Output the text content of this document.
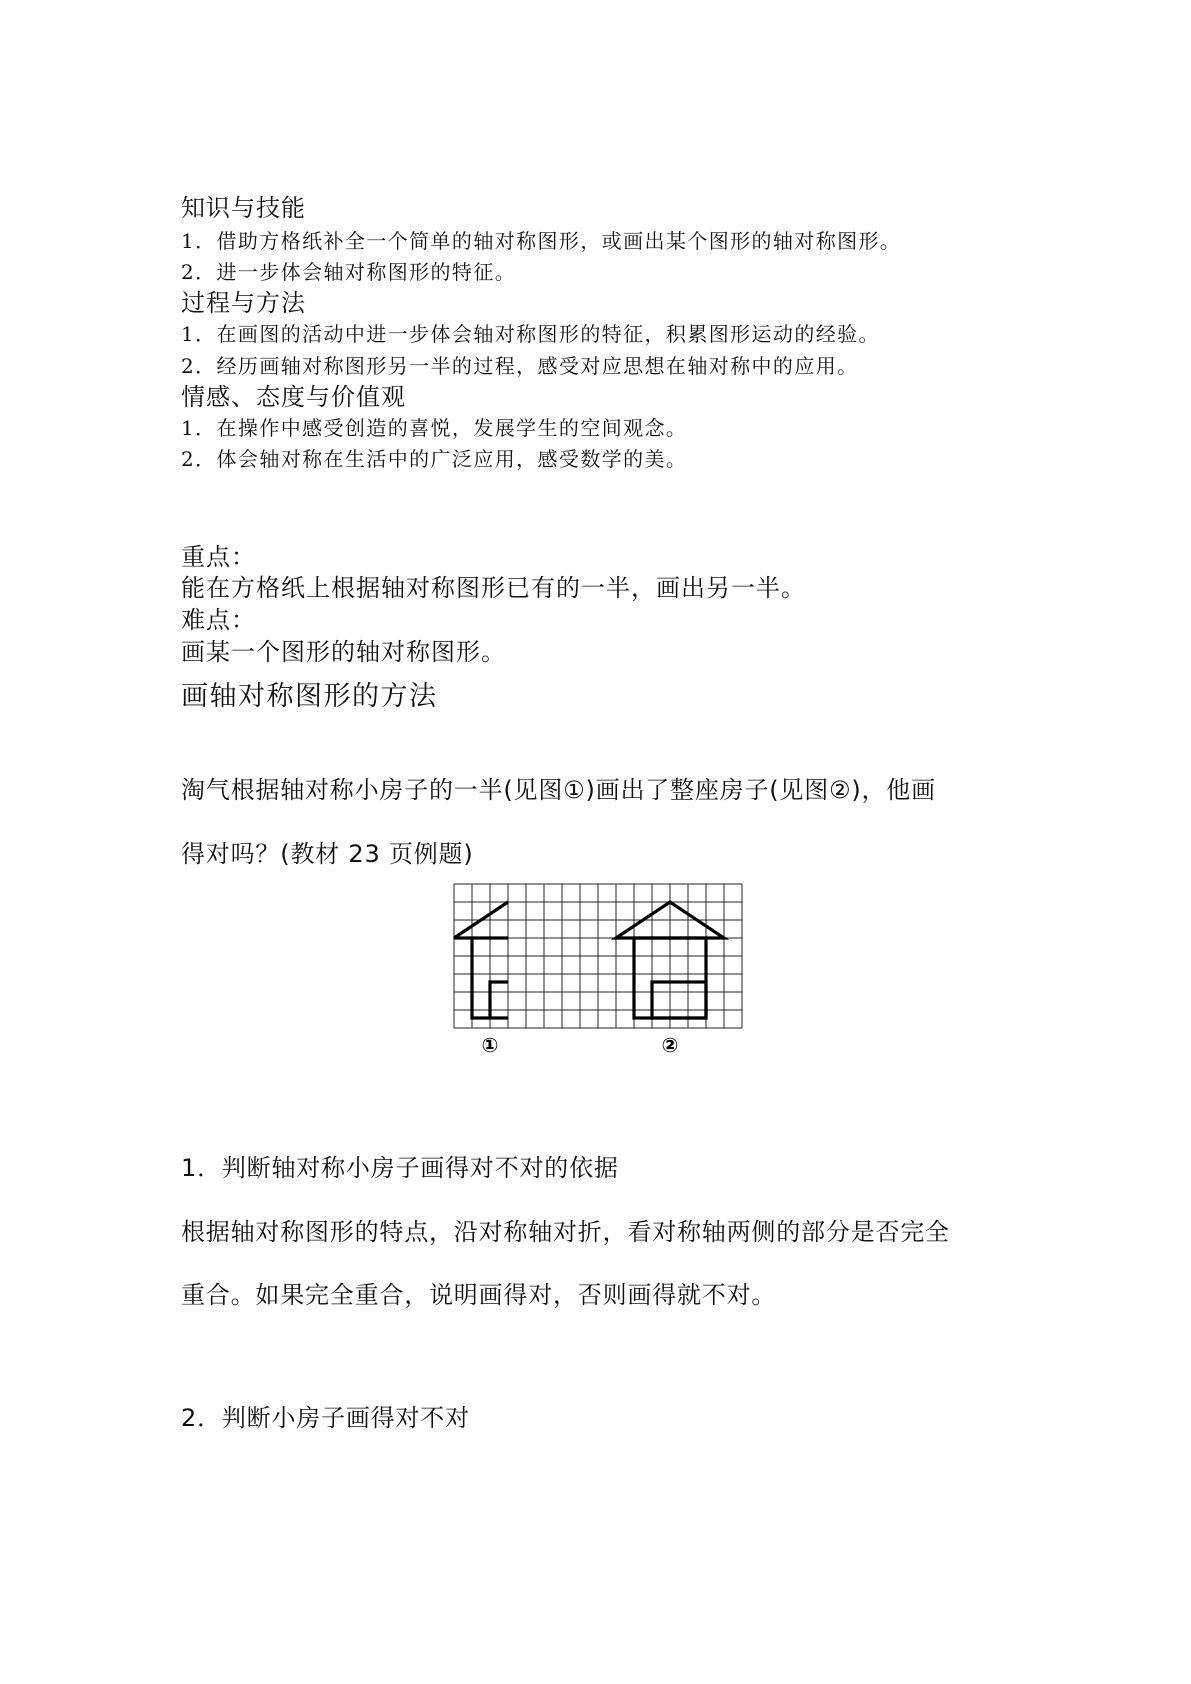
知识与技能
1．借助方格纸补全一个简单的轴对称图形，或画出某个图形的轴对称图形。
2．进一步体会轴对称图形的特征。
过程与方法
1．在画图的活动中进一步体会轴对称图形的特征，积累图形运动的经验。
2．经历画轴对称图形另一半的过程，感受对应思想在轴对称中的应用。
情感、态度与价值观
1．在操作中感受创造的喜悦，发展学生的空间观念。
2．体会轴对称在生活中的广泛应用，感受数学的美。
重点：
能在方格纸上根据轴对称图形已有的一半，画出另一半。
难点：
画某一个图形的轴对称图形。
画轴对称图形的方法
淘气根据轴对称小房子的一半(见图①)画出了整座房子(见图②)，他画
得对吗？(教材 23 页例题)
①	②
1．判断轴对称小房子画得对不对的依据
根据轴对称图形的特点，沿对称轴对折，看对称轴两侧的部分是否完全
重合。如果完全重合，说明画得对，否则画得就不对。
2．判断小房子画得对不对
